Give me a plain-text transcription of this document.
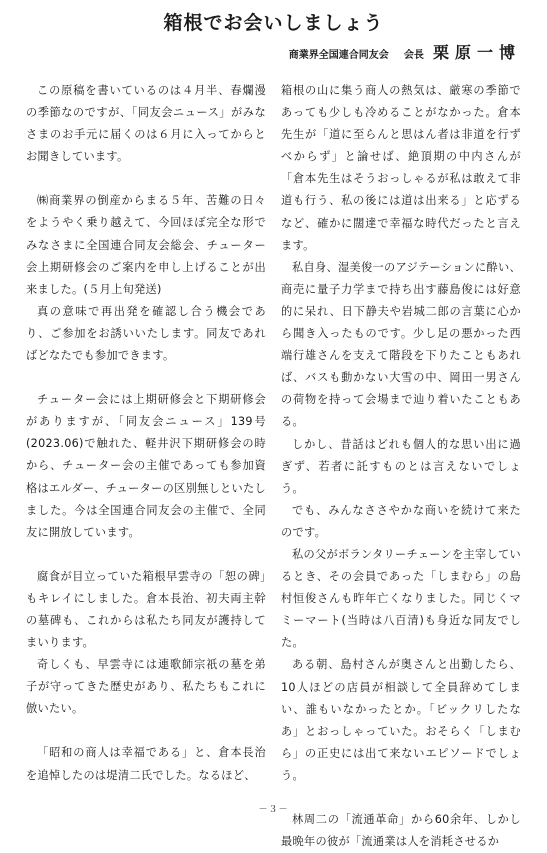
箱根でお会いしましょう
商業界全国連合同友会 会長 栗原一博

この原稿を書いているのは４月半、春爛漫の季節なのですが、「同友会ニュース」がみなさまのお手元に届くのは６月に入ってからとお聞きしています。

㈱商業界の倒産からまる５年、苦難の日々をようやく乗り越えて、今回ほぼ完全な形でみなさまに全国連合同友会総会、チューター会上期研修会のご案内を申し上げることが出来ました。(５月上旬発送)

真の意味で再出発を確認し合う機会であり、ご参加をお誘いいたします。同友であればどなたでも参加できます。

チューター会には上期研修会と下期研修会がありますが、「同友会ニュース」139号(2023.06)で触れた、軽井沢下期研修会の時から、チューター会の主催であっても参加資格はエルダー、チューターの区別無しといたしました。今は全国連合同友会の主催で、全同友に開放しています。

腐食が目立っていた箱根早雲寺の「恕の碑」もキレイにしました。倉本長治、初夫両主幹の墓碑も、これからは私たち同友が護持してまいります。

奇しくも、早雲寺には連歌師宗祇の墓を弟子が守ってきた歴史があり、私たちもこれに倣いたい。

「昭和の商人は幸福である」と、倉本長治を追悼したのは堤清二氏でした。なるほど、

箱根の山に集う商人の熱気は、厳寒の季節であっても少しも冷めることがなかった。倉本先生が「道に至らんと思はん者は非道を行ずべからず」と論せば、絶頂期の中内さんが「倉本先生はそうおっしゃるが私は敢えて非道も行う、私の後には道は出来る」と応ずるなど、確かに闊達で幸福な時代だったと言えます。

私自身、湿美俊一のアジテーションに酔い、商売に量子力学まで持ち出す藤島俊には好意的に呆れ、日下静夫や岩城二郎の言葉に心から聞き入ったものです。少し足の悪かった西端行雄さんを支えて階段を下りたこともあれば、バスも動かない大雪の中、岡田一男さんの荷物を持って会場まで辿り着いたこともある。

しかし、昔話はどれも個人的な思い出に過ぎず、若者に託すものとは言えないでしょう。

でも、みんなささやかな商いを続けて来たのです。

私の父がボランタリーチェーンを主宰しているとき、その会員であった「しまむら」の島村恒俊さんも昨年亡くなりました。同じくマミーマート(当時は八百清)も身近な同友でした。

ある朝、島村さんが奥さんと出勤したら、10人ほどの店員が相談して全員辞めてしまい、誰もいなかったとか。「ビックリしたなあ」とおっしゃっていた。おそらく「しまむら」の正史には出て来ないエピソードでしょう。

林周二の「流通革命」から60余年、しかし最晩年の彼が「流通業は人を消耗させるか

－３－
